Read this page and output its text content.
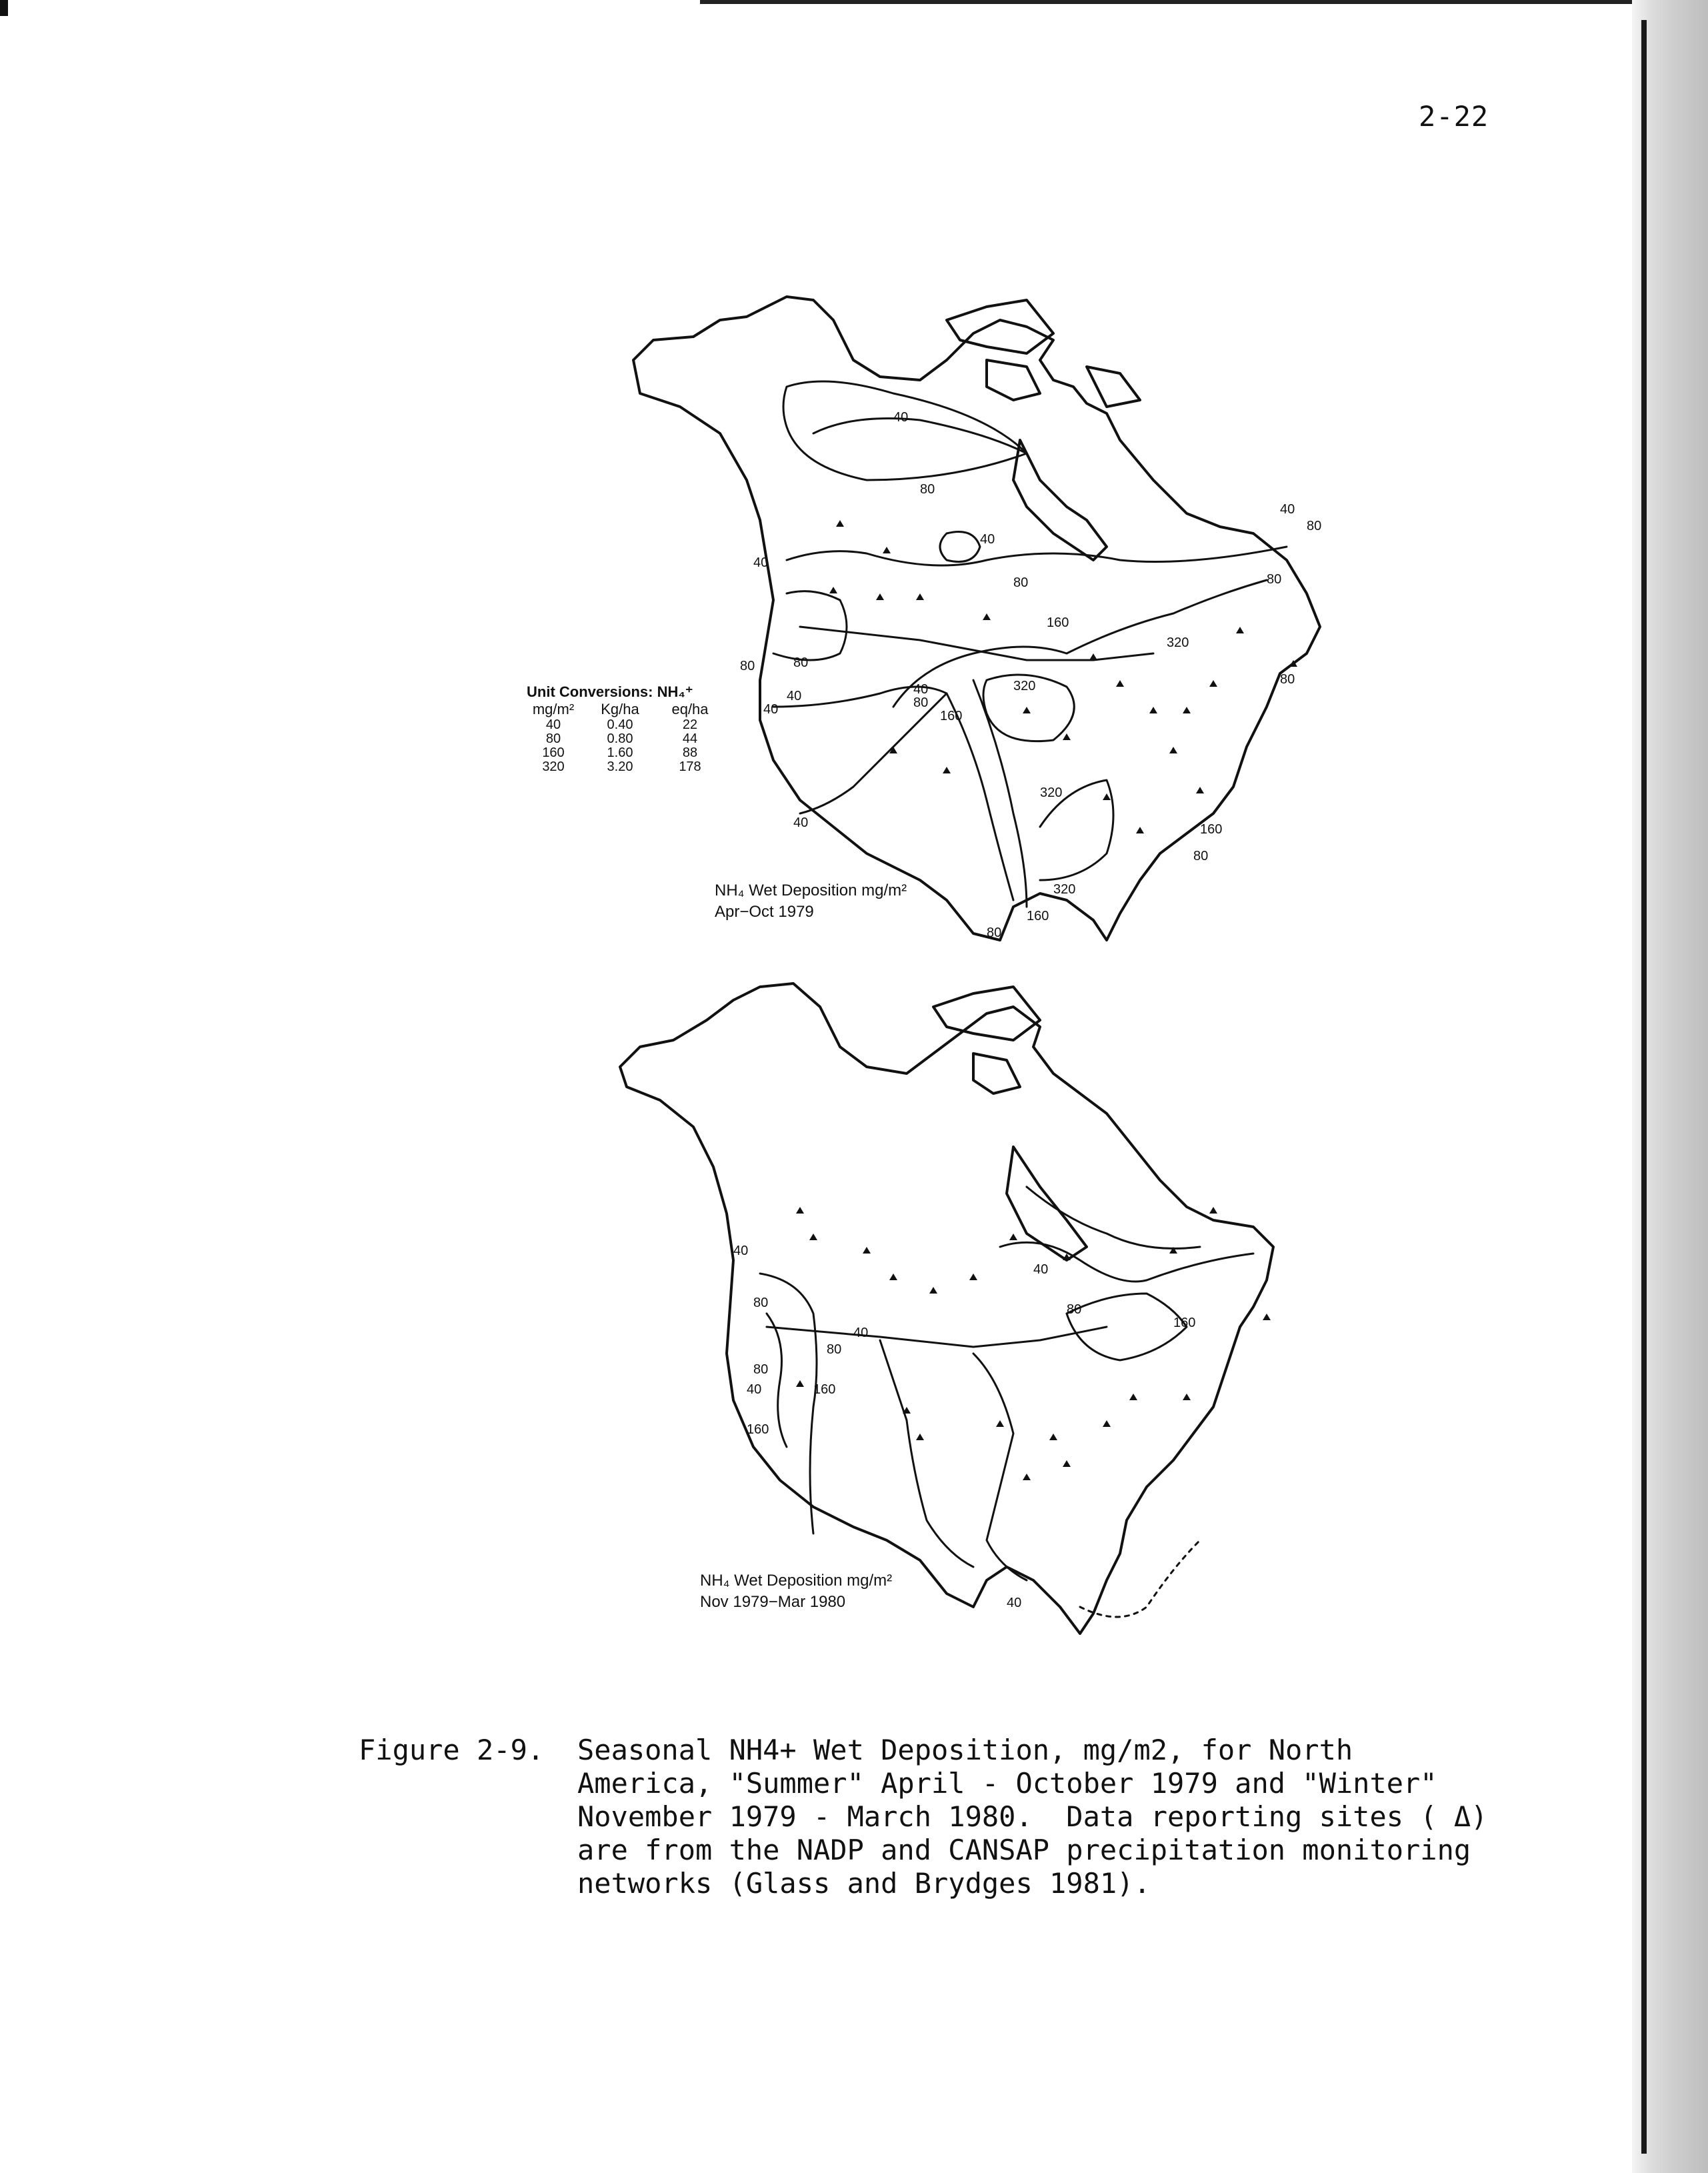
2-22
40
80
40
40
80
80
160
320
40
80
160
40
80
320
40
80
320
160
80
320
160
80
80
40
40
80
NH₄ Wet Deposition mg/m²
Apr−Oct 1979
Unit Conversions: NH₄⁺
mg/m² Kg/ha eq/ha
40	0.40	22
80	0.80	44
160	1.60	88
320	3.20	178
40
80
40
80
80
40
160
160
40
80
160
40
NH₄ Wet Deposition mg/m²
Nov 1979−Mar 1980
Figure 2-9. Seasonal NH4+ Wet Deposition, mg/m2, for North
America, "Summer" April - October 1979 and "Winter"
November 1979 - March 1980.  Data reporting sites ( Δ)
are from the NADP and CANSAP precipitation monitoring
networks (Glass and Brydges 1981).
